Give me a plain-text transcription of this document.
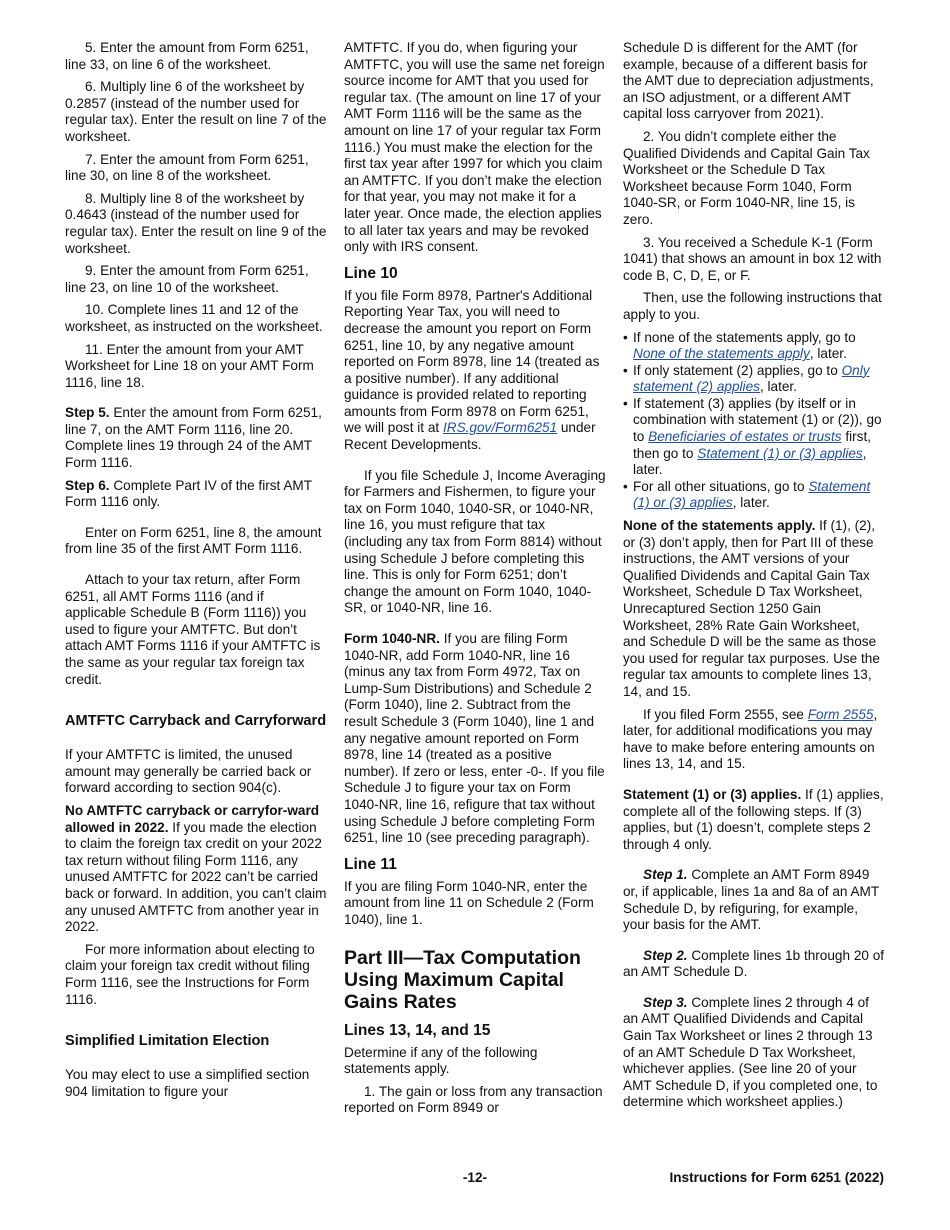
5. Enter the amount from Form 6251, line 33, on line 6 of the worksheet.

6. Multiply line 6 of the worksheet by 0.2857 (instead of the number used for regular tax). Enter the result on line 7 of the worksheet.

7. Enter the amount from Form 6251, line 30, on line 8 of the worksheet.

8. Multiply line 8 of the worksheet by 0.4643 (instead of the number used for regular tax). Enter the result on line 9 of the worksheet.

9. Enter the amount from Form 6251, line 23, on line 10 of the worksheet.

10. Complete lines 11 and 12 of the worksheet, as instructed on the worksheet.

11. Enter the amount from your AMT Worksheet for Line 18 on your AMT Form 1116, line 18.

Step 5. Enter the amount from Form 6251, line 7, on the AMT Form 1116, line 20. Complete lines 19 through 24 of the AMT Form 1116.

Step 6. Complete Part IV of the first AMT Form 1116 only.

Enter on Form 6251, line 8, the amount from line 35 of the first AMT Form 1116.

Attach to your tax return, after Form 6251, all AMT Forms 1116 (and if applicable Schedule B (Form 1116)) you used to figure your AMTFTC. But don’t attach AMT Forms 1116 if your AMTFTC is the same as your regular tax foreign tax credit.

AMTFTC Carryback and Carryforward

If your AMTFTC is limited, the unused amount may generally be carried back or forward according to section 904(c).

No AMTFTC carryback or carryfor-ward allowed in 2022. If you made the election to claim the foreign tax credit on your 2022 tax return without filing Form 1116, any unused AMTFTC for 2022 can’t be carried back or forward. In addition, you can’t claim any unused AMTFTC from another year in 2022.

For more information about electing to claim your foreign tax credit without filing Form 1116, see the Instructions for Form 1116.

Simplified Limitation Election

You may elect to use a simplified section 904 limitation to figure your

AMTFTC. If you do, when figuring your AMTFTC, you will use the same net foreign source income for AMT that you used for regular tax. (The amount on line 17 of your AMT Form 1116 will be the same as the amount on line 17 of your regular tax Form 1116.) You must make the election for the first tax year after 1997 for which you claim an AMTFTC. If you don’t make the election for that year, you may not make it for a later year. Once made, the election applies to all later tax years and may be revoked only with IRS consent.

Line 10

If you file Form 8978, Partner's Additional Reporting Year Tax, you will need to decrease the amount you report on Form 6251, line 10, by any negative amount reported on Form 8978, line 14 (treated as a positive number). If any additional guidance is provided related to reporting amounts from Form 8978 on Form 6251, we will post it at IRS.gov/Form6251 under Recent Developments.

If you file Schedule J, Income Averaging for Farmers and Fishermen, to figure your tax on Form 1040, 1040-SR, or 1040-NR, line 16, you must refigure that tax (including any tax from Form 8814) without using Schedule J before completing this line. This is only for Form 6251; don’t change the amount on Form 1040, 1040-SR, or 1040-NR, line 16.

Form 1040-NR. If you are filing Form 1040-NR, add Form 1040-NR, line 16 (minus any tax from Form 4972, Tax on Lump-Sum Distributions) and Schedule 2 (Form 1040), line 2. Subtract from the result Schedule 3 (Form 1040), line 1 and any negative amount reported on Form 8978, line 14 (treated as a positive number). If zero or less, enter -0-. If you file Schedule J to figure your tax on Form 1040-NR, line 16, refigure that tax without using Schedule J before completing Form 6251, line 10 (see preceding paragraph).

Line 11

If you are filing Form 1040-NR, enter the amount from line 11 on Schedule 2 (Form 1040), line 1.

Part III—Tax Computation Using Maximum Capital Gains Rates
Lines 13, 14, and 15

Determine if any of the following statements apply.

1. The gain or loss from any transaction reported on Form 8949 or

Schedule D is different for the AMT (for example, because of a different basis for the AMT due to depreciation adjustments, an ISO adjustment, or a different AMT capital loss carryover from 2021).

2. You didn’t complete either the Qualified Dividends and Capital Gain Tax Worksheet or the Schedule D Tax Worksheet because Form 1040, Form 1040-SR, or Form 1040-NR, line 15, is zero.

3. You received a Schedule K-1 (Form 1041) that shows an amount in box 12 with code B, C, D, E, or F.

Then, use the following instructions that apply to you.

• If none of the statements apply, go to None of the statements apply, later.
• If only statement (2) applies, go to Only statement (2) applies, later.
• If statement (3) applies (by itself or in combination with statement (1) or (2)), go to Beneficiaries of estates or trusts first, then go to Statement (1) or (3) applies, later.
• For all other situations, go to Statement (1) or (3) applies, later.

None of the statements apply. If (1), (2), or (3) don’t apply, then for Part III of these instructions, the AMT versions of your Qualified Dividends and Capital Gain Tax Worksheet, Schedule D Tax Worksheet, Unrecaptured Section 1250 Gain Worksheet, 28% Rate Gain Worksheet, and Schedule D will be the same as those you used for regular tax purposes. Use the regular tax amounts to complete lines 13, 14, and 15.

If you filed Form 2555, see Form 2555, later, for additional modifications you may have to make before entering amounts on lines 13, 14, and 15.

Statement (1) or (3) applies. If (1) applies, complete all of the following steps. If (3) applies, but (1) doesn’t, complete steps 2 through 4 only.

Step 1. Complete an AMT Form 8949 or, if applicable, lines 1a and 8a of an AMT Schedule D, by refiguring, for example, your basis for the AMT.

Step 2. Complete lines 1b through 20 of an AMT Schedule D.

Step 3. Complete lines 2 through 4 of an AMT Qualified Dividends and Capital Gain Tax Worksheet or lines 2 through 13 of an AMT Schedule D Tax Worksheet, whichever applies. (See line 20 of your AMT Schedule D, if you completed one, to determine which worksheet applies.)

-12-	Instructions for Form 6251 (2022)
